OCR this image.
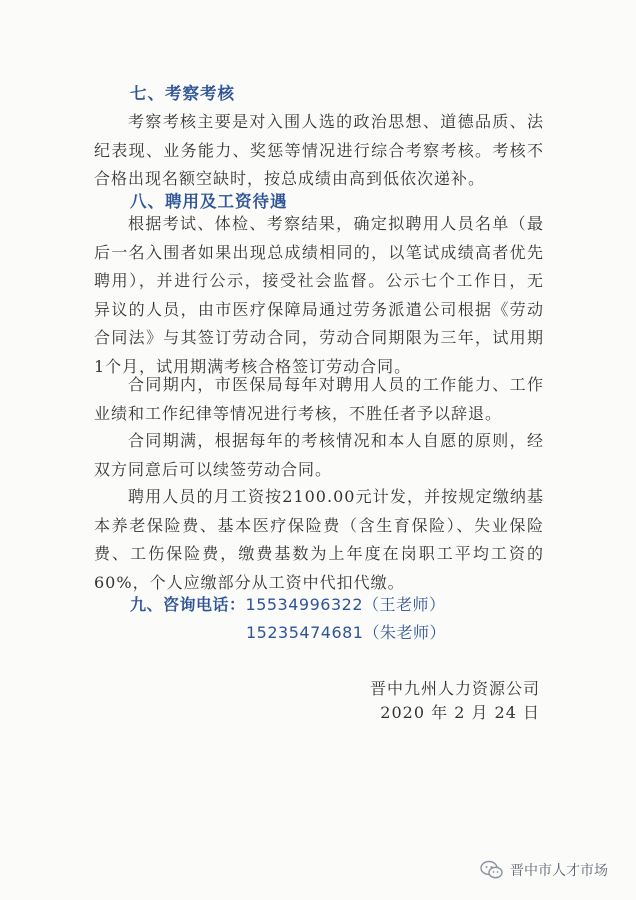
七、考察考核
考察考核主要是对入围人选的政治思想、道德品质、法纪表现、业务能力、奖惩等情况进行综合考察考核。考核不合格出现名额空缺时，按总成绩由高到低依次递补。
八、聘用及工资待遇
根据考试、体检、考察结果，确定拟聘用人员名单（最后一名入围者如果出现总成绩相同的，以笔试成绩高者优先聘用），并进行公示，接受社会监督。公示七个工作日，无异议的人员，由市医疗保障局通过劳务派遣公司根据《劳动合同法》与其签订劳动合同，劳动合同期限为三年，试用期1个月，试用期满考核合格签订劳动合同。
合同期内，市医保局每年对聘用人员的工作能力、工作业绩和工作纪律等情况进行考核，不胜任者予以辞退。
合同期满，根据每年的考核情况和本人自愿的原则，经双方同意后可以续签劳动合同。
聘用人员的月工资按2100.00元计发，并按规定缴纳基本养老保险费、基本医疗保险费（含生育保险）、失业保险费、工伤保险费，缴费基数为上年度在岗职工平均工资的60%，个人应缴部分从工资中代扣代缴。
九、咨询电话：15534996322（王老师）
15235474681（朱老师）
晋中九州人力资源公司
2020 年 2 月 24 日
晋中市人才市场
